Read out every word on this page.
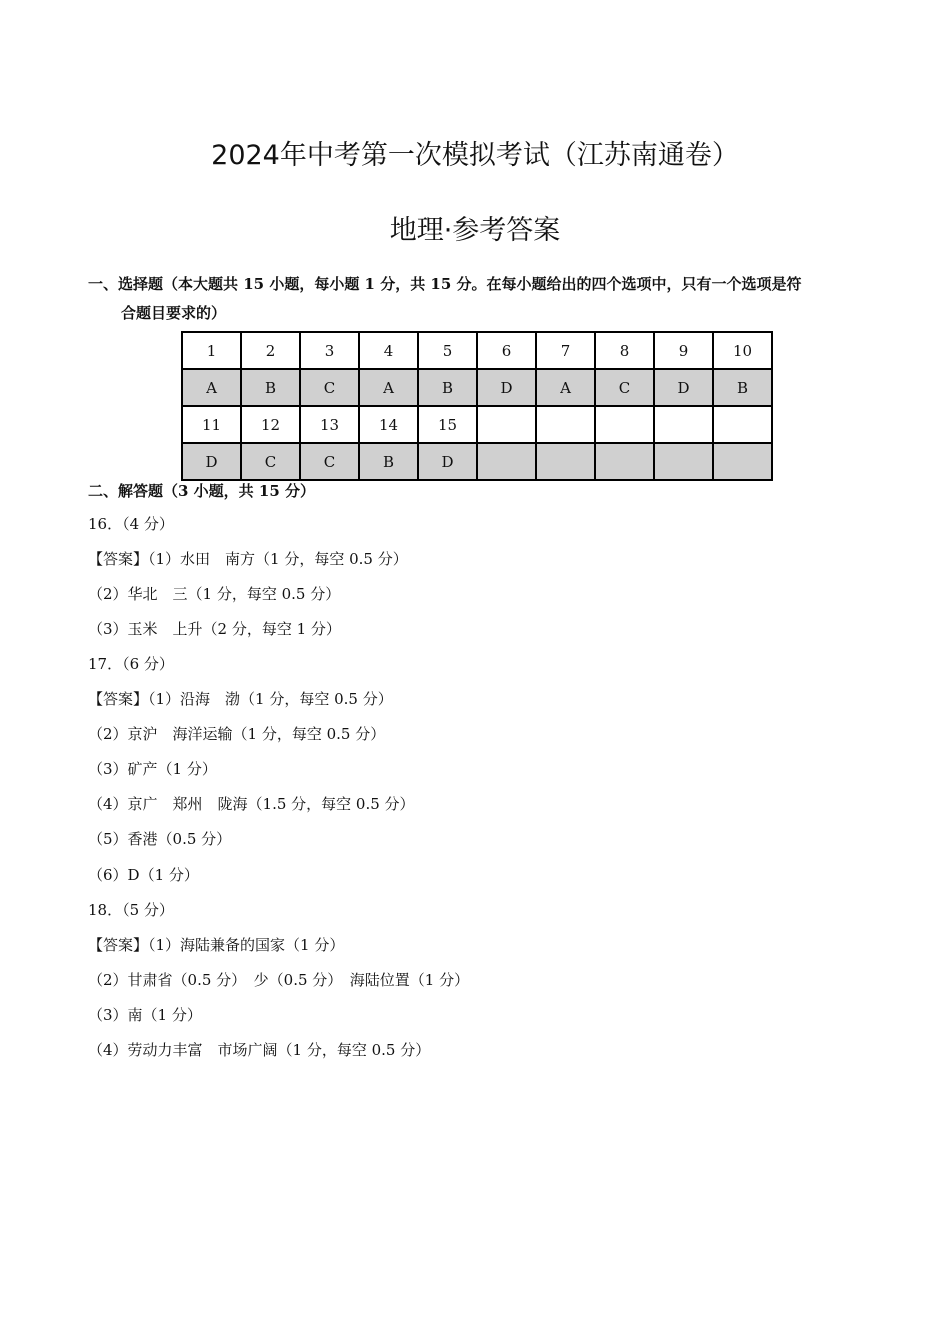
2024年中考第一次模拟考试（江苏南通卷）
地理·参考答案
一、选择题（本大题共 15 小题，每小题 1 分，共 15 分。在每小题给出的四个选项中，只有一个选项是符
合题目要求的）
1	2	3	4	5	6	7	8	9	10
A	B	C	A	B	D	A	C	D	B
11	12	13	14	15					
D	C	C	B	D					
二、解答题（3 小题，共 15 分）
16．（4 分）
【答案】（1）水田　南方（1 分，每空 0.5 分）
（2）华北　三（1 分，每空 0.5 分）
（3）玉米　上升（2 分，每空 1 分）
17．（6 分）
【答案】（1）沿海　渤（1 分，每空 0.5 分）
（2）京沪　海洋运输（1 分，每空 0.5 分）
（3）矿产（1 分）
（4）京广　郑州　陇海（1.5 分，每空 0.5 分）
（5）香港（0.5 分）
（6）D（1 分）
18．（5 分）
【答案】（1）海陆兼备的国家（1 分）
（2）甘肃省（0.5 分）　少（0.5 分）　海陆位置（1 分）
（3）南（1 分）
（4）劳动力丰富　市场广阔（1 分，每空 0.5 分）
